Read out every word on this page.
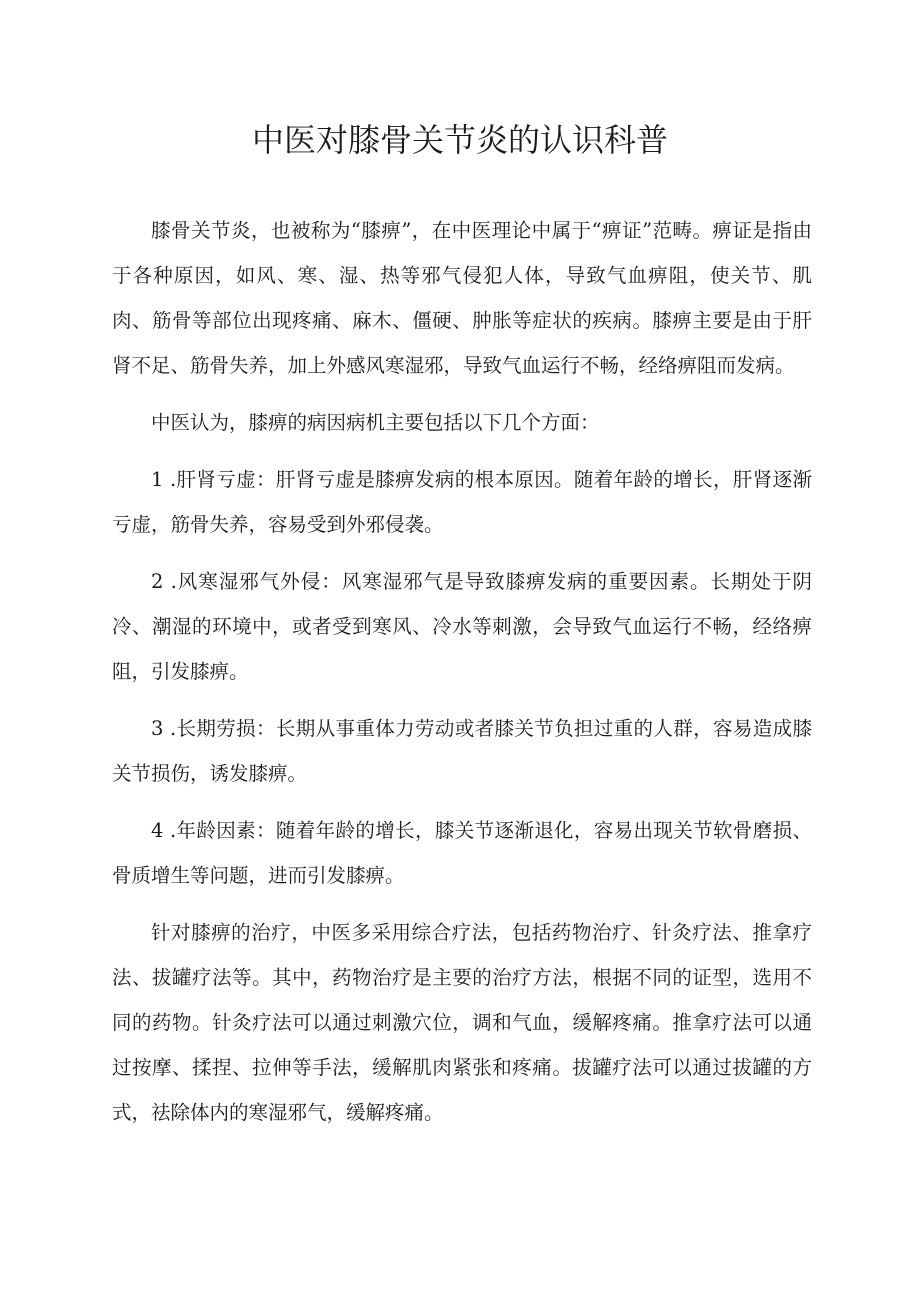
中医对膝骨关节炎的认识科普

膝骨关节炎，也被称为“膝痹”，在中医理论中属于“痹证”范畴。痹证是指由于各种原因，如风、寒、湿、热等邪气侵犯人体，导致气血痹阻，使关节、肌肉、筋骨等部位出现疼痛、麻木、僵硬、肿胀等症状的疾病。膝痹主要是由于肝肾不足、筋骨失养，加上外感风寒湿邪，导致气血运行不畅，经络痹阻而发病。

中医认为，膝痹的病因病机主要包括以下几个方面：

1 .肝肾亏虚：肝肾亏虚是膝痹发病的根本原因。随着年龄的增长，肝肾逐渐亏虚，筋骨失养，容易受到外邪侵袭。

2 .风寒湿邪气外侵：风寒湿邪气是导致膝痹发病的重要因素。长期处于阴冷、潮湿的环境中，或者受到寒风、冷水等刺激，会导致气血运行不畅，经络痹阻，引发膝痹。

3 .长期劳损：长期从事重体力劳动或者膝关节负担过重的人群，容易造成膝关节损伤，诱发膝痹。

4 .年龄因素：随着年龄的增长，膝关节逐渐退化，容易出现关节软骨磨损、骨质增生等问题，进而引发膝痹。

针对膝痹的治疗，中医多采用综合疗法，包括药物治疗、针灸疗法、推拿疗法、拔罐疗法等。其中，药物治疗是主要的治疗方法，根据不同的证型，选用不同的药物。针灸疗法可以通过刺激穴位，调和气血，缓解疼痛。推拿疗法可以通过按摩、揉捏、拉伸等手法，缓解肌肉紧张和疼痛。拔罐疗法可以通过拔罐的方式，祛除体内的寒湿邪气，缓解疼痛。
